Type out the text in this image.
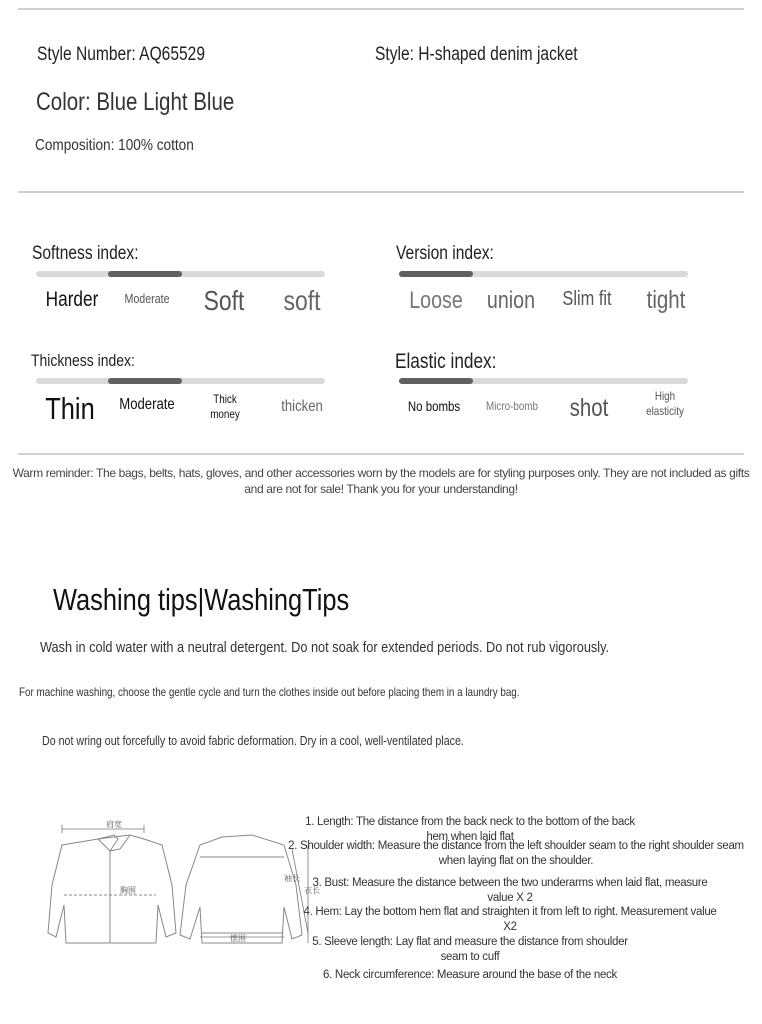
Style Number: AQ65529	Style: H-shaped denim jacket
Color: Blue Light Blue
Composition: 100% cotton
Softness index:
Harder Moderate Soft soft
Version index:
Loose union Slim fit tight
Thickness index:
Thin Moderate	Thick money	thicken
Elastic index:
No bombs Micro-bomb shot	High elasticity
Warm reminder: The bags, belts, hats, gloves, and other accessories worn by the models are for styling purposes only. They are not included as gifts and are not for sale! Thank you for your understanding!
Washing tips|WashingTips
Wash in cold water with a neutral detergent. Do not soak for extended periods. Do not rub vigorously.
For machine washing, choose the gentle cycle and turn the clothes inside out before placing them in a laundry bag.
Do not wring out forcefully to avoid fabric deformation. Dry in a cool, well-ventilated place.
肩宽
胸围
袖长
衣长
摆围
1. Length: The distance from the back neck to the bottom of the back hem when laid flat
2. Shoulder width: Measure the distance from the left shoulder seam to the right shoulder seam when laying flat on the shoulder.
3. Bust: Measure the distance between the two underarms when laid flat, measure value X 2
4. Hem: Lay the bottom hem flat and straighten it from left to right. Measurement value X2
5. Sleeve length: Lay flat and measure the distance from shoulder seam to cuff
6. Neck circumference: Measure around the base of the neck
